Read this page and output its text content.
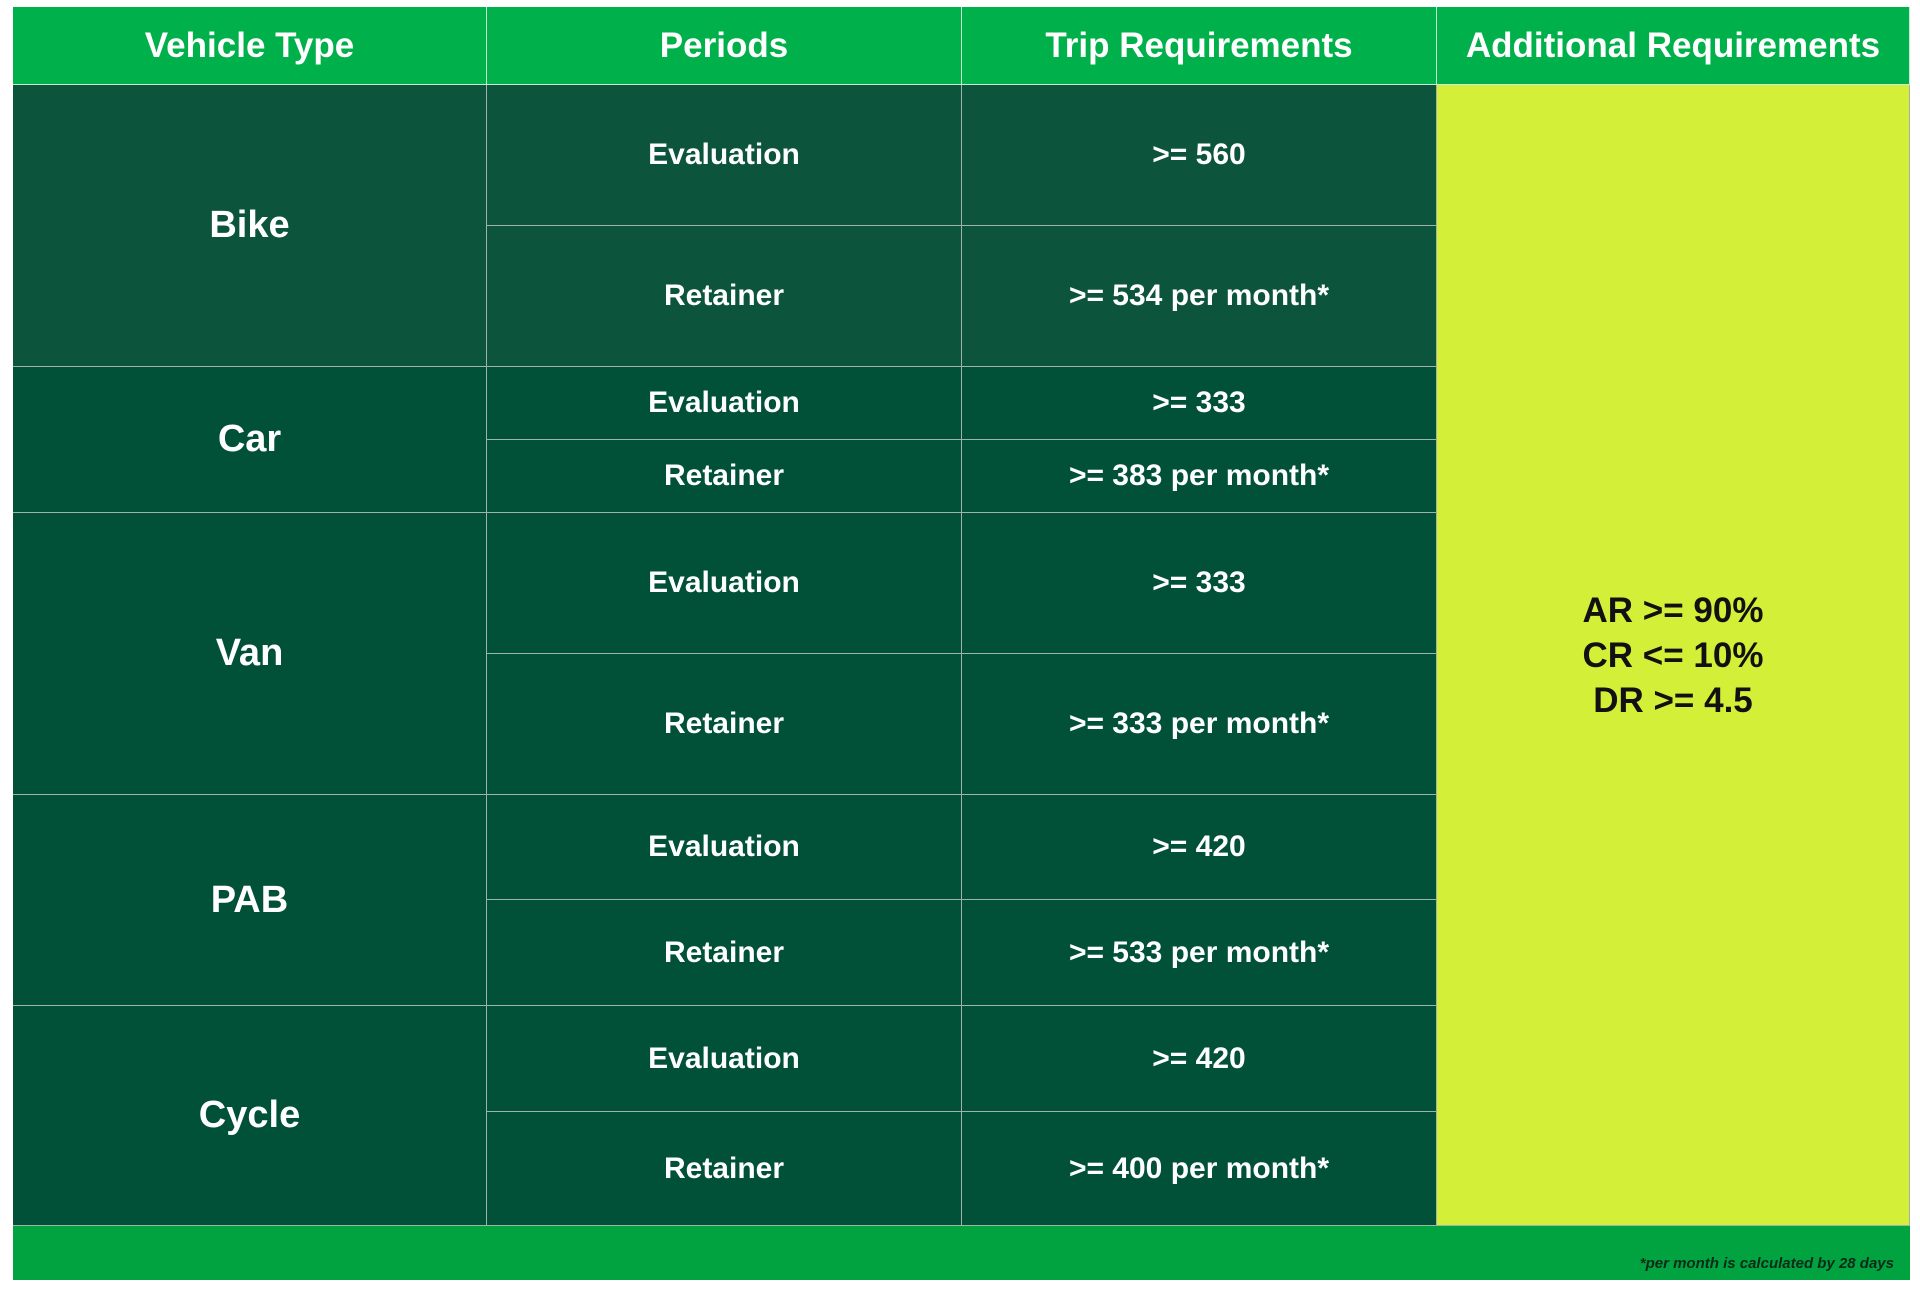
Vehicle Type	Periods	Trip Requirements	Additional Requirements
Bike
Evaluation	>= 560
Retainer	>= 534 per month*
Car
Evaluation	>= 333
Retainer	>= 383 per month*
Van
Evaluation	>= 333
Retainer	>= 333 per month*
PAB
Evaluation	>= 420
Retainer	>= 533 per month*
Cycle
Evaluation	>= 420
Retainer	>= 400 per month*
AR >= 90%
CR <= 10%
DR >= 4.5
*per month is calculated by 28 days
